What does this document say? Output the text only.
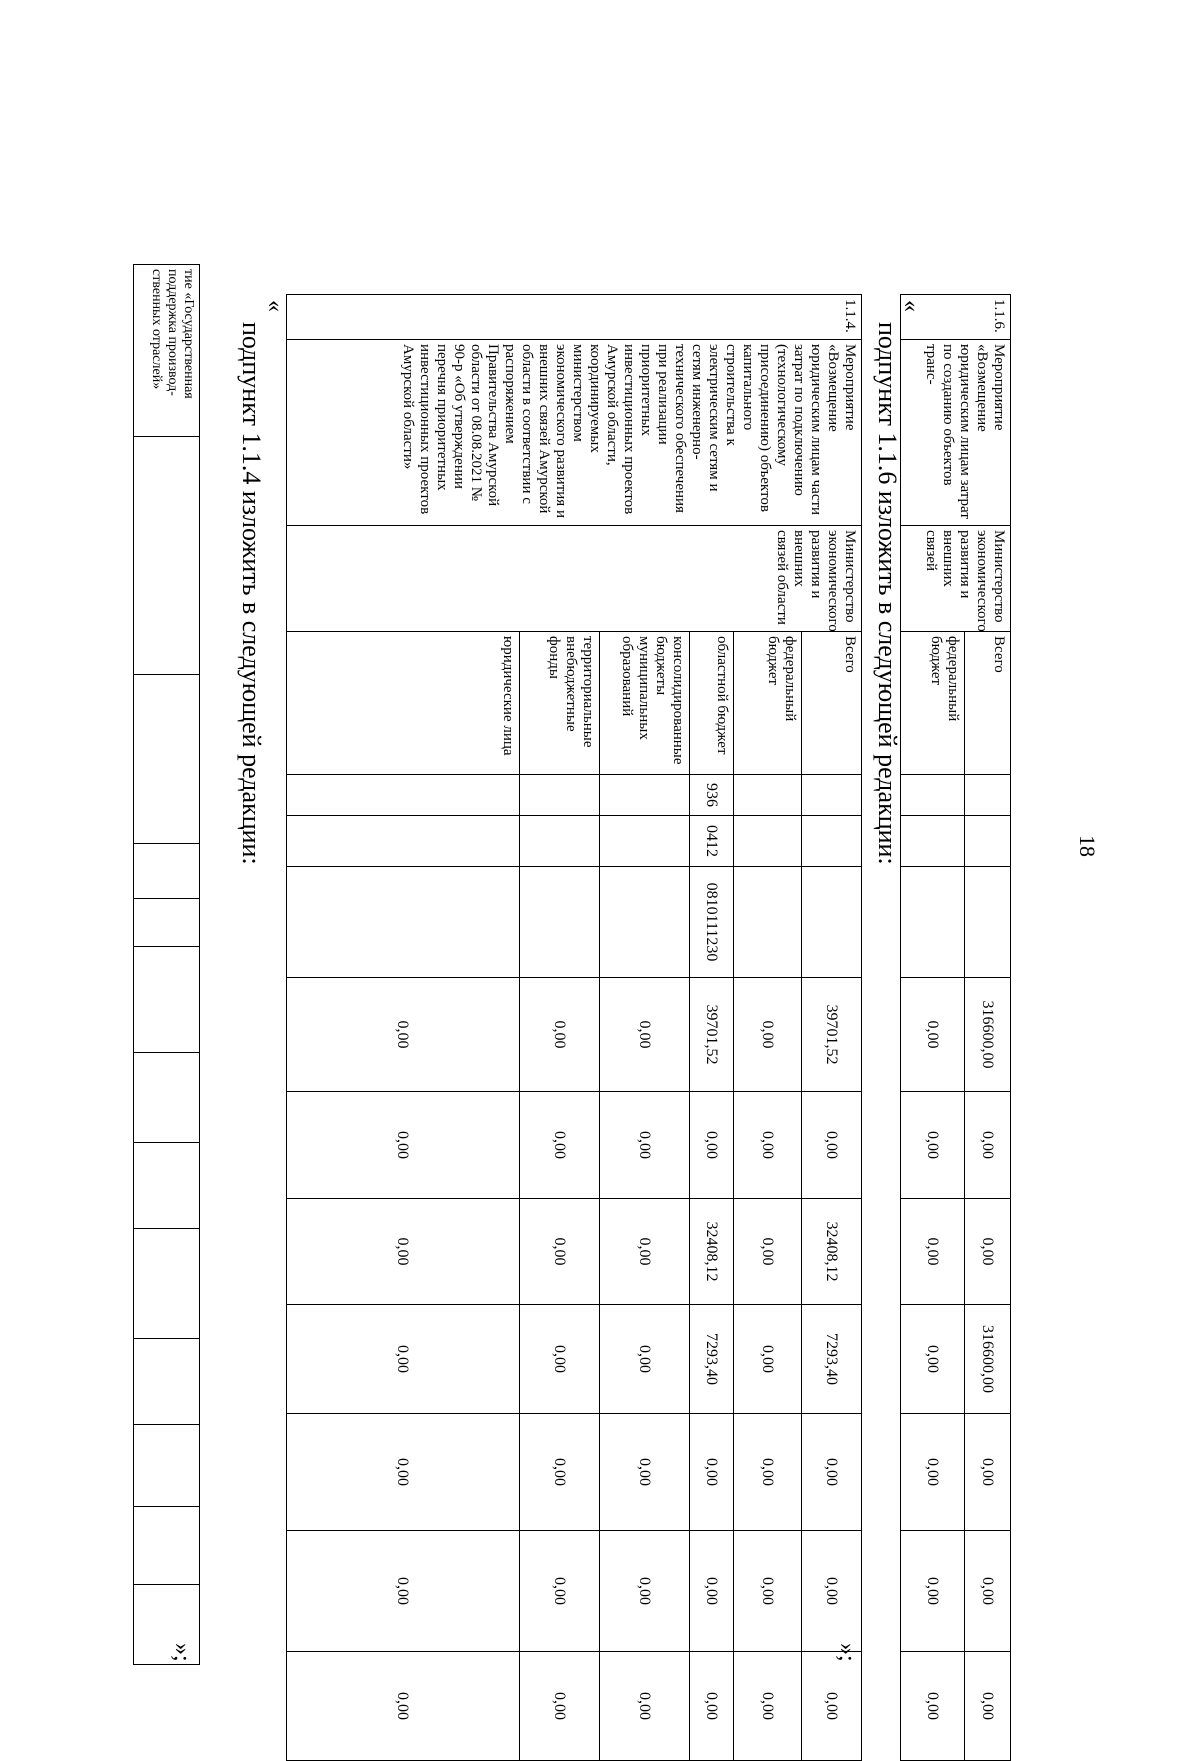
18
тие «Государственная поддержка производ-ственных отраслей»												
»;
«
подпункт 1.1.4 изложить в следующей редакции:
1.1.4.	Мероприятие «Возмещение юридическим лицам части затрат по подключению (технологическому присоединению) объектов капитального строительства к электрическим сетям и сетям инженерно-технического обеспечения при реализации приоритетных инвестиционных проектов Амурской области, координируемых министерством экономического развития и внешних связей Амурской области в соответствии с распоряжением Правительства Амурской области от 08.08.2021 № 90-р «Об утверждении перечня приоритетных инвестиционных проектов Амурской области»	Министерство экономического развития и внешних связей области	Всего				39701,52	0,00	32408,12	7293,40	0,00	0,00	0,00
			федеральный бюджет				0,00	0,00	0,00	0,00	0,00	0,00	0,00
			областной бюджет	936	0412	0810111230	39701,52	0,00	32408,12	7293,40	0,00	0,00	0,00
			консолидированные бюджеты муниципальных образований				0,00	0,00	0,00	0,00	0,00	0,00	0,00
			территориальные внебюджетные фонды				0,00	0,00	0,00	0,00	0,00	0,00	0,00
			юридические лица				0,00	0,00	0,00	0,00	0,00	0,00	0,00
»;
«
подпункт 1.1.6 изложить в следующей редакции:
1.1.6.	Мероприятие «Возмещение юридическим лицам затрат по созданию объектов транс-	Министерство экономического развития и внешних связей	Всего				316600,00	0,00	0,00	316600,00	0,00	0,00	0,00
			федеральный бюджет				0,00	0,00	0,00	0,00	0,00	0,00	0,00
